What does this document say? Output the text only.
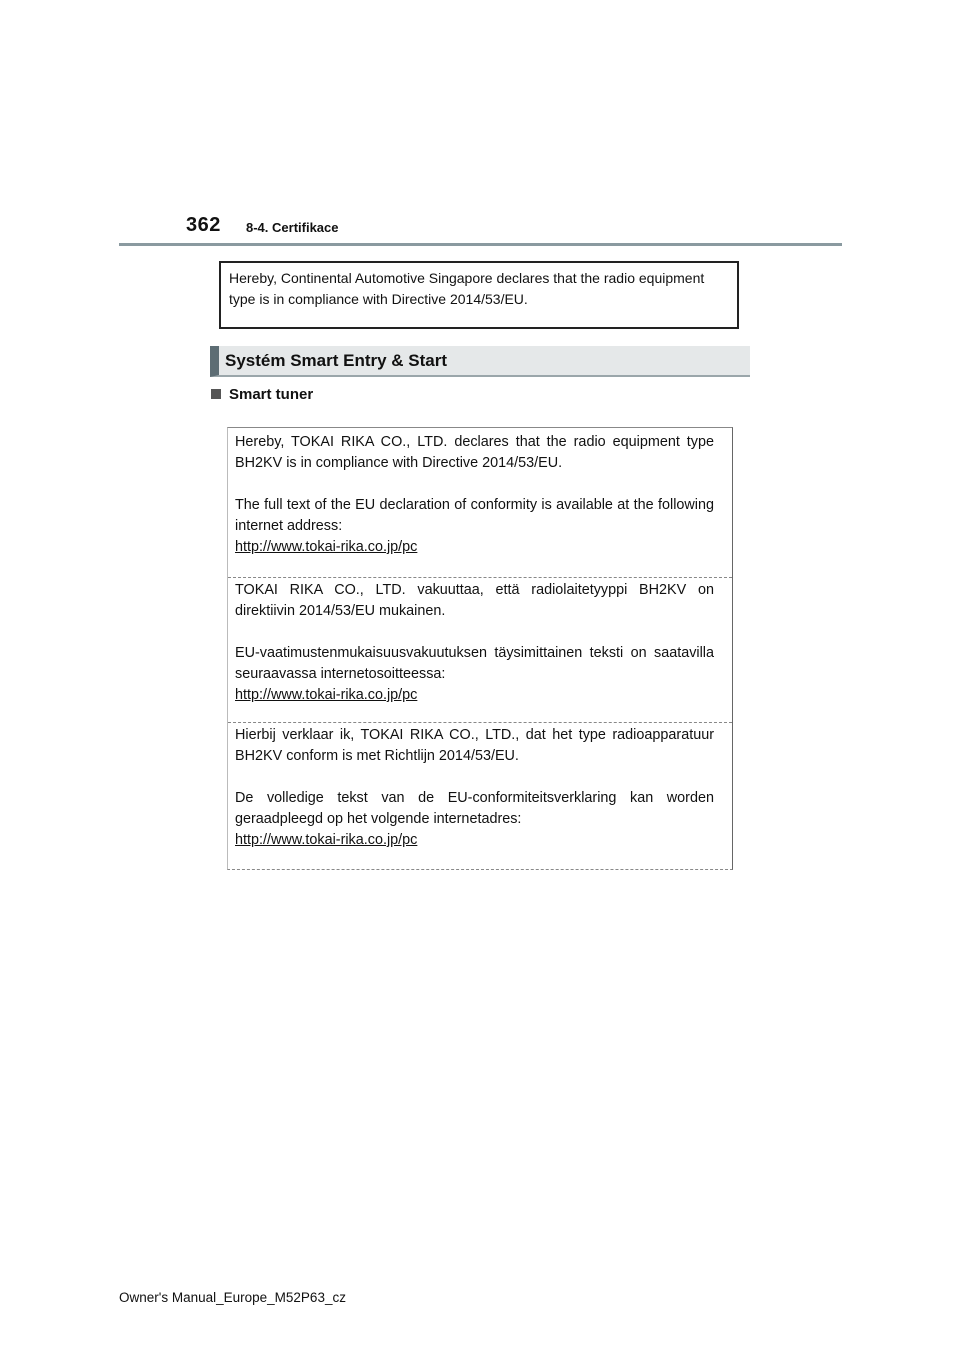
362 8-4. Certifikace
Hereby, Continental Automotive Singapore declares that the radio equipment type is in compliance with Directive 2014/53/EU.
Systém Smart Entry & Start
Smart tuner

Hereby, TOKAI RIKA CO., LTD. declares that the radio equipment type BH2KV is in compliance with Directive 2014/53/EU.

The full text of the EU declaration of conformity is available at the following internet address:

http://www.tokai-rika.co.jp/pc

TOKAI RIKA CO., LTD. vakuuttaa, että radiolaitetyyppi BH2KV on direktiivin 2014/53/EU mukainen.

EU-vaatimustenmukaisuusvakuutuksen täysimittainen teksti on saatavilla seuraavassa internetosoitteessa:

http://www.tokai-rika.co.jp/pc

Hierbij verklaar ik, TOKAI RIKA CO., LTD., dat het type radioapparatuur BH2KV conform is met Richtlijn 2014/53/EU.

De volledige tekst van de EU-conformiteitsverklaring kan worden geraadpleegd op het volgende internetadres:

http://www.tokai-rika.co.jp/pc
Owner's Manual_Europe_M52P63_cz
